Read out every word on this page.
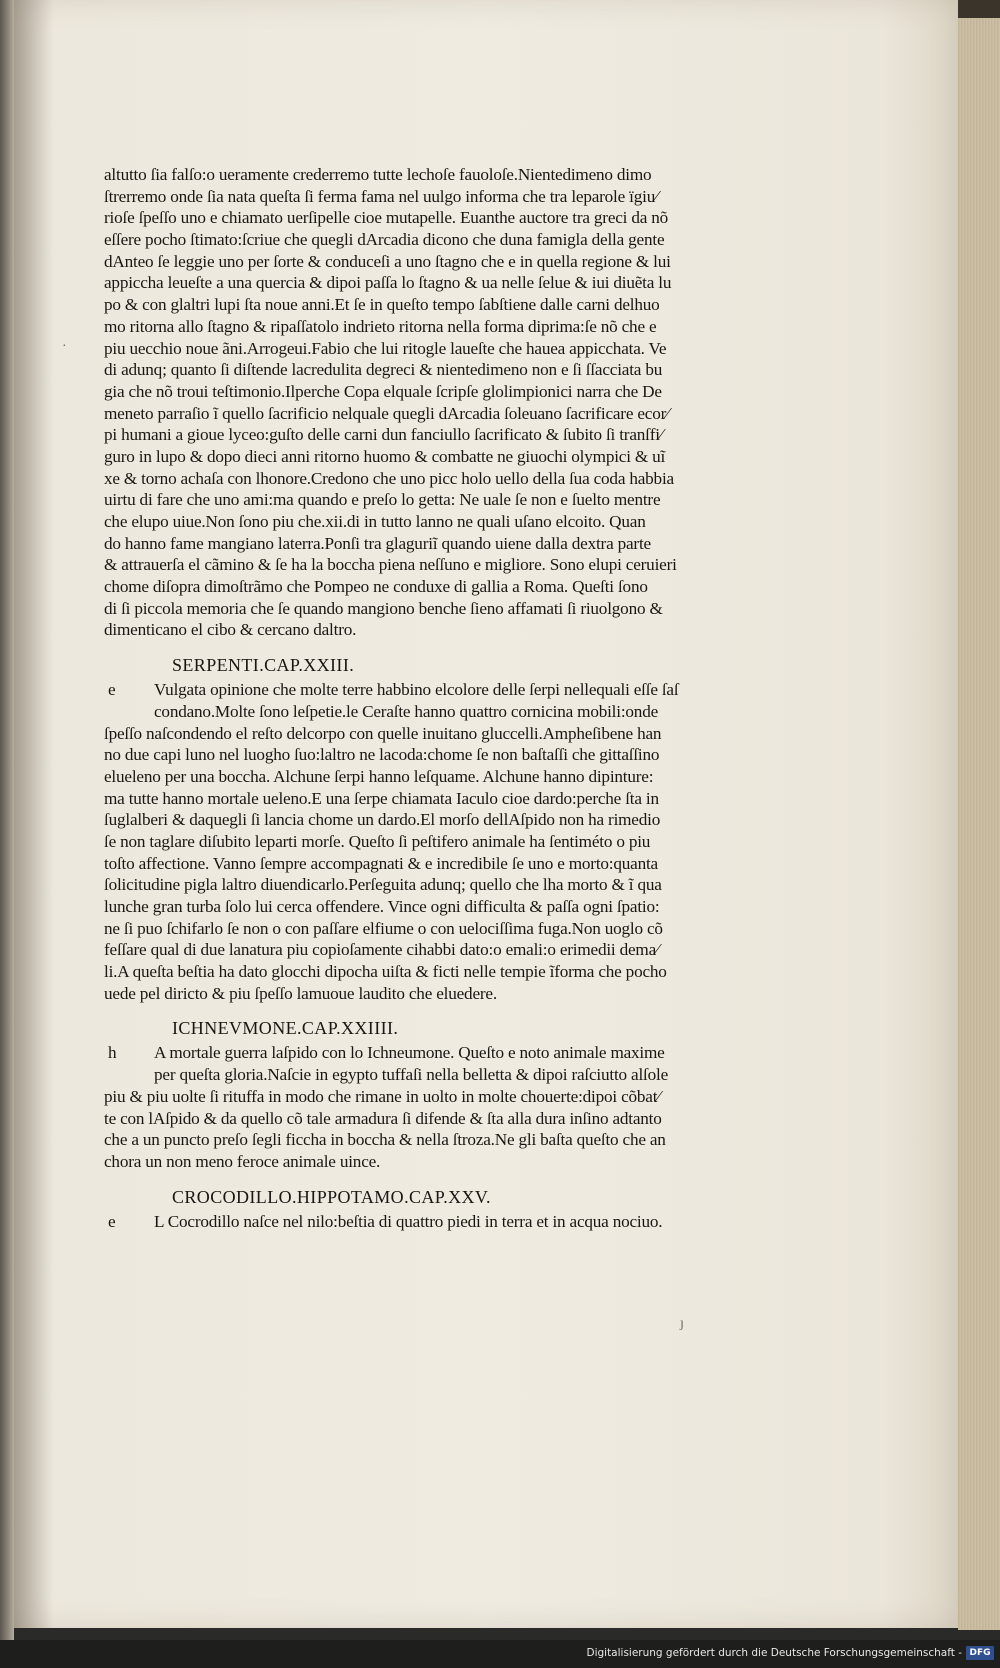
altutto ſia falſo:o ueramente crederremo tutte lechoſe fauoloſe.Nientedimeno dimo
ſtrerremo onde ſia nata queſta ſi ferma fama nel uulgo informa che tra leparole ïgiu⁄
rioſe ſpeſſo uno e chiamato uerſipelle cioe mutapelle. Euanthe auctore tra greci da nõ
eſſere pocho ſtimato:ſcriue che quegli dArcadia dicono che duna famigla della gente
dAnteo ſe leggie uno per ſorte & conduceſi a uno ſtagno che e in quella regione & lui
appiccha leueſte a una quercia & dipoi paſſa lo ſtagno & ua nelle ſelue & iui diuẽta lu
po & con glaltri lupi ſta noue anni.Et ſe in queſto tempo ſabſtiene dalle carni delhuo
mo ritorna allo ſtagno & ripaſſatolo indrieto ritorna nella forma diprima:ſe nõ che e
piu uecchio noue ãni.Arrogeui.Fabio che lui ritogle laueſte che hauea appicchata. Ve
di adunq; quanto ſi diſtende lacredulita degreci & nientedimeno non e ſi ſſacciata bu
gia che nõ troui teſtimonio.Ilperche Copa elquale ſcripſe glolimpionici narra che De
meneto parraſio ĩ quello ſacrificio nelquale quegli dArcadia ſoleuano ſacrificare ecor⁄
pi humani a gioue lyceo:guſto delle carni dun fanciullo ſacrificato & ſubito ſi tranſfi⁄
guro in lupo & dopo dieci anni ritorno huomo & combatte ne giuochi olympici & uĩ
xe & torno achaſa con lhonore.Credono che uno picc holo uello della ſua coda habbia
uirtu di fare che uno ami:ma quando e preſo lo getta: Ne uale ſe non e ſuelto mentre
che elupo uiue.Non ſono piu che.xii.di in tutto lanno ne quali uſano elcoito. Quan
do hanno fame mangiano laterra.Ponſi tra glaguriĩ quando uiene dalla dextra parte
& attrauerſa el cãmino & ſe ha la boccha piena neſſuno e migliore. Sono elupi ceruieri
chome diſopra dimoſtrãmo che Pompeo ne conduxe di gallia a Roma. Queſti ſono
di ſi piccola memoria che ſe quando mangiono benche ſieno affamati ſi riuolgono &
dimenticano el cibo & cercano daltro.
SERPENTI.CAP.XXIII.
e Vulgata opinione che molte terre habbino elcolore delle ſerpi nellequali eſſe ſaſ
condano.Molte ſono leſpetie.le Ceraſte hanno quattro cornicina mobili:onde
ſpeſſo naſcondendo el reſto delcorpo con quelle inuitano gluccelli.Ampheſibene han
no due capi luno nel luogho ſuo:laltro ne lacoda:chome ſe non baſtaſſi che gittaſſino
elueleno per una boccha. Alchune ſerpi hanno leſquame. Alchune hanno dipinture:
ma tutte hanno mortale ueleno.E una ſerpe chiamata Iaculo cioe dardo:perche ſta in
ſuglalberi & daquegli ſi lancia chome un dardo.El morſo dellAſpido non ha rimedio
ſe non taglare diſubito leparti morſe. Queſto ſi peſtifero animale ha ſentiméto o piu
toſto affectione. Vanno ſempre accompagnati & e incredibile ſe uno e morto:quanta
ſolicitudine pigla laltro diuendicarlo.Perſeguita adunq; quello che lha morto & ĩ qua
lunche gran turba ſolo lui cerca offendere. Vince ogni difficulta & paſſa ogni ſpatio:
ne ſi puo ſchifarlo ſe non o con paſſare elfiume o con uelociſſima fuga.Non uoglo cõ
feſſare qual di due lanatura piu copioſamente cihabbi dato:o emali:o erimedii dema⁄
li.A queſta beſtia ha dato glocchi dipocha uiſta & ficti nelle tempie ĩforma che pocho
uede pel diricto & piu ſpeſſo lamuoue laudito che eluedere.
ICHNEVMONE.CAP.XXIIII.
h A mortale guerra laſpido con lo Ichneumone. Queſto e noto animale maxime
per queſta gloria.Naſcie in egypto tuffaſi nella belletta & dipoi raſciutto alſole
piu & piu uolte ſi rituffa in modo che rimane in uolto in molte chouerte:dipoi cõbat⁄
te con lAſpido & da quello cõ tale armadura ſi difende & ſta alla dura inſino adtanto
che a un puncto preſo ſegli ficcha in boccha & nella ſtroza.Ne gli baſta queſto che an
chora un non meno feroce animale uince.
CROCODILLO.HIPPOTAMO.CAP.XXV.
e L Cocrodillo naſce nel nilo:beſtia di quattro piedi in terra et in acqua nociuo.
·
ȷ
Digitalisierung gefördert durch die Deutsche Forschungsgemeinschaft - DFG
